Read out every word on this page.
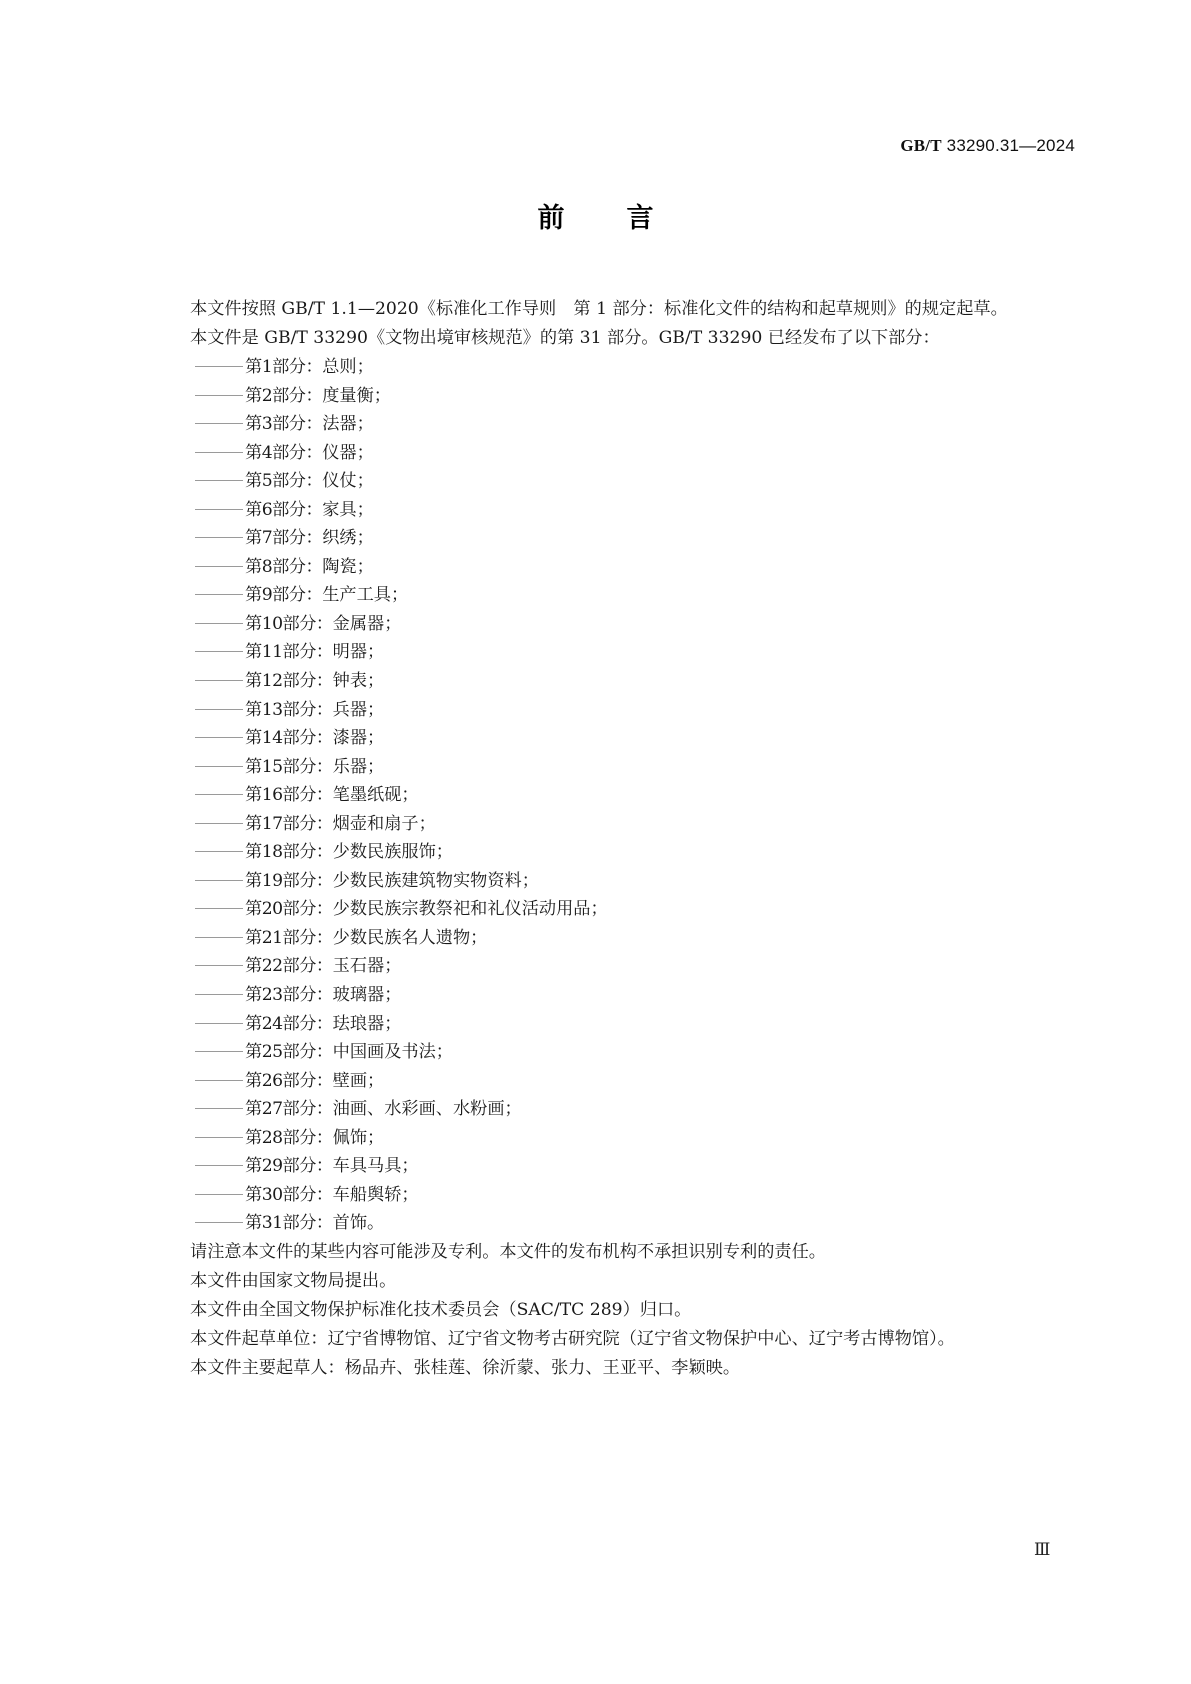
GB/T 33290.31—2024
前 言

本文件按照 GB/T 1.1—2020《标准化工作导则　第 1 部分：标准化文件的结构和起草规则》的规定起草。

本文件是 GB/T 33290《文物出境审核规范》的第 31 部分。GB/T 33290 已经发布了以下部分：

第1部分：总则；
第2部分：度量衡；
第3部分：法器；
第4部分：仪器；
第5部分：仪仗；
第6部分：家具；
第7部分：织绣；
第8部分：陶瓷；
第9部分：生产工具；
第10部分：金属器；
第11部分：明器；
第12部分：钟表；
第13部分：兵器；
第14部分：漆器；
第15部分：乐器；
第16部分：笔墨纸砚；
第17部分：烟壶和扇子；
第18部分：少数民族服饰；
第19部分：少数民族建筑物实物资料；
第20部分：少数民族宗教祭祀和礼仪活动用品；
第21部分：少数民族名人遗物；
第22部分：玉石器；
第23部分：玻璃器；
第24部分：珐琅器；
第25部分：中国画及书法；
第26部分：壁画；
第27部分：油画、水彩画、水粉画；
第28部分：佩饰；
第29部分：车具马具；
第30部分：车船舆轿；
第31部分：首饰。

请注意本文件的某些内容可能涉及专利。本文件的发布机构不承担识别专利的责任。

本文件由国家文物局提出。

本文件由全国文物保护标准化技术委员会（SAC/TC 289）归口。

本文件起草单位：辽宁省博物馆、辽宁省文物考古研究院（辽宁省文物保护中心、辽宁考古博物馆）。

本文件主要起草人：杨品卉、张桂莲、徐沂蒙、张力、王亚平、李颖映。

Ⅲ
